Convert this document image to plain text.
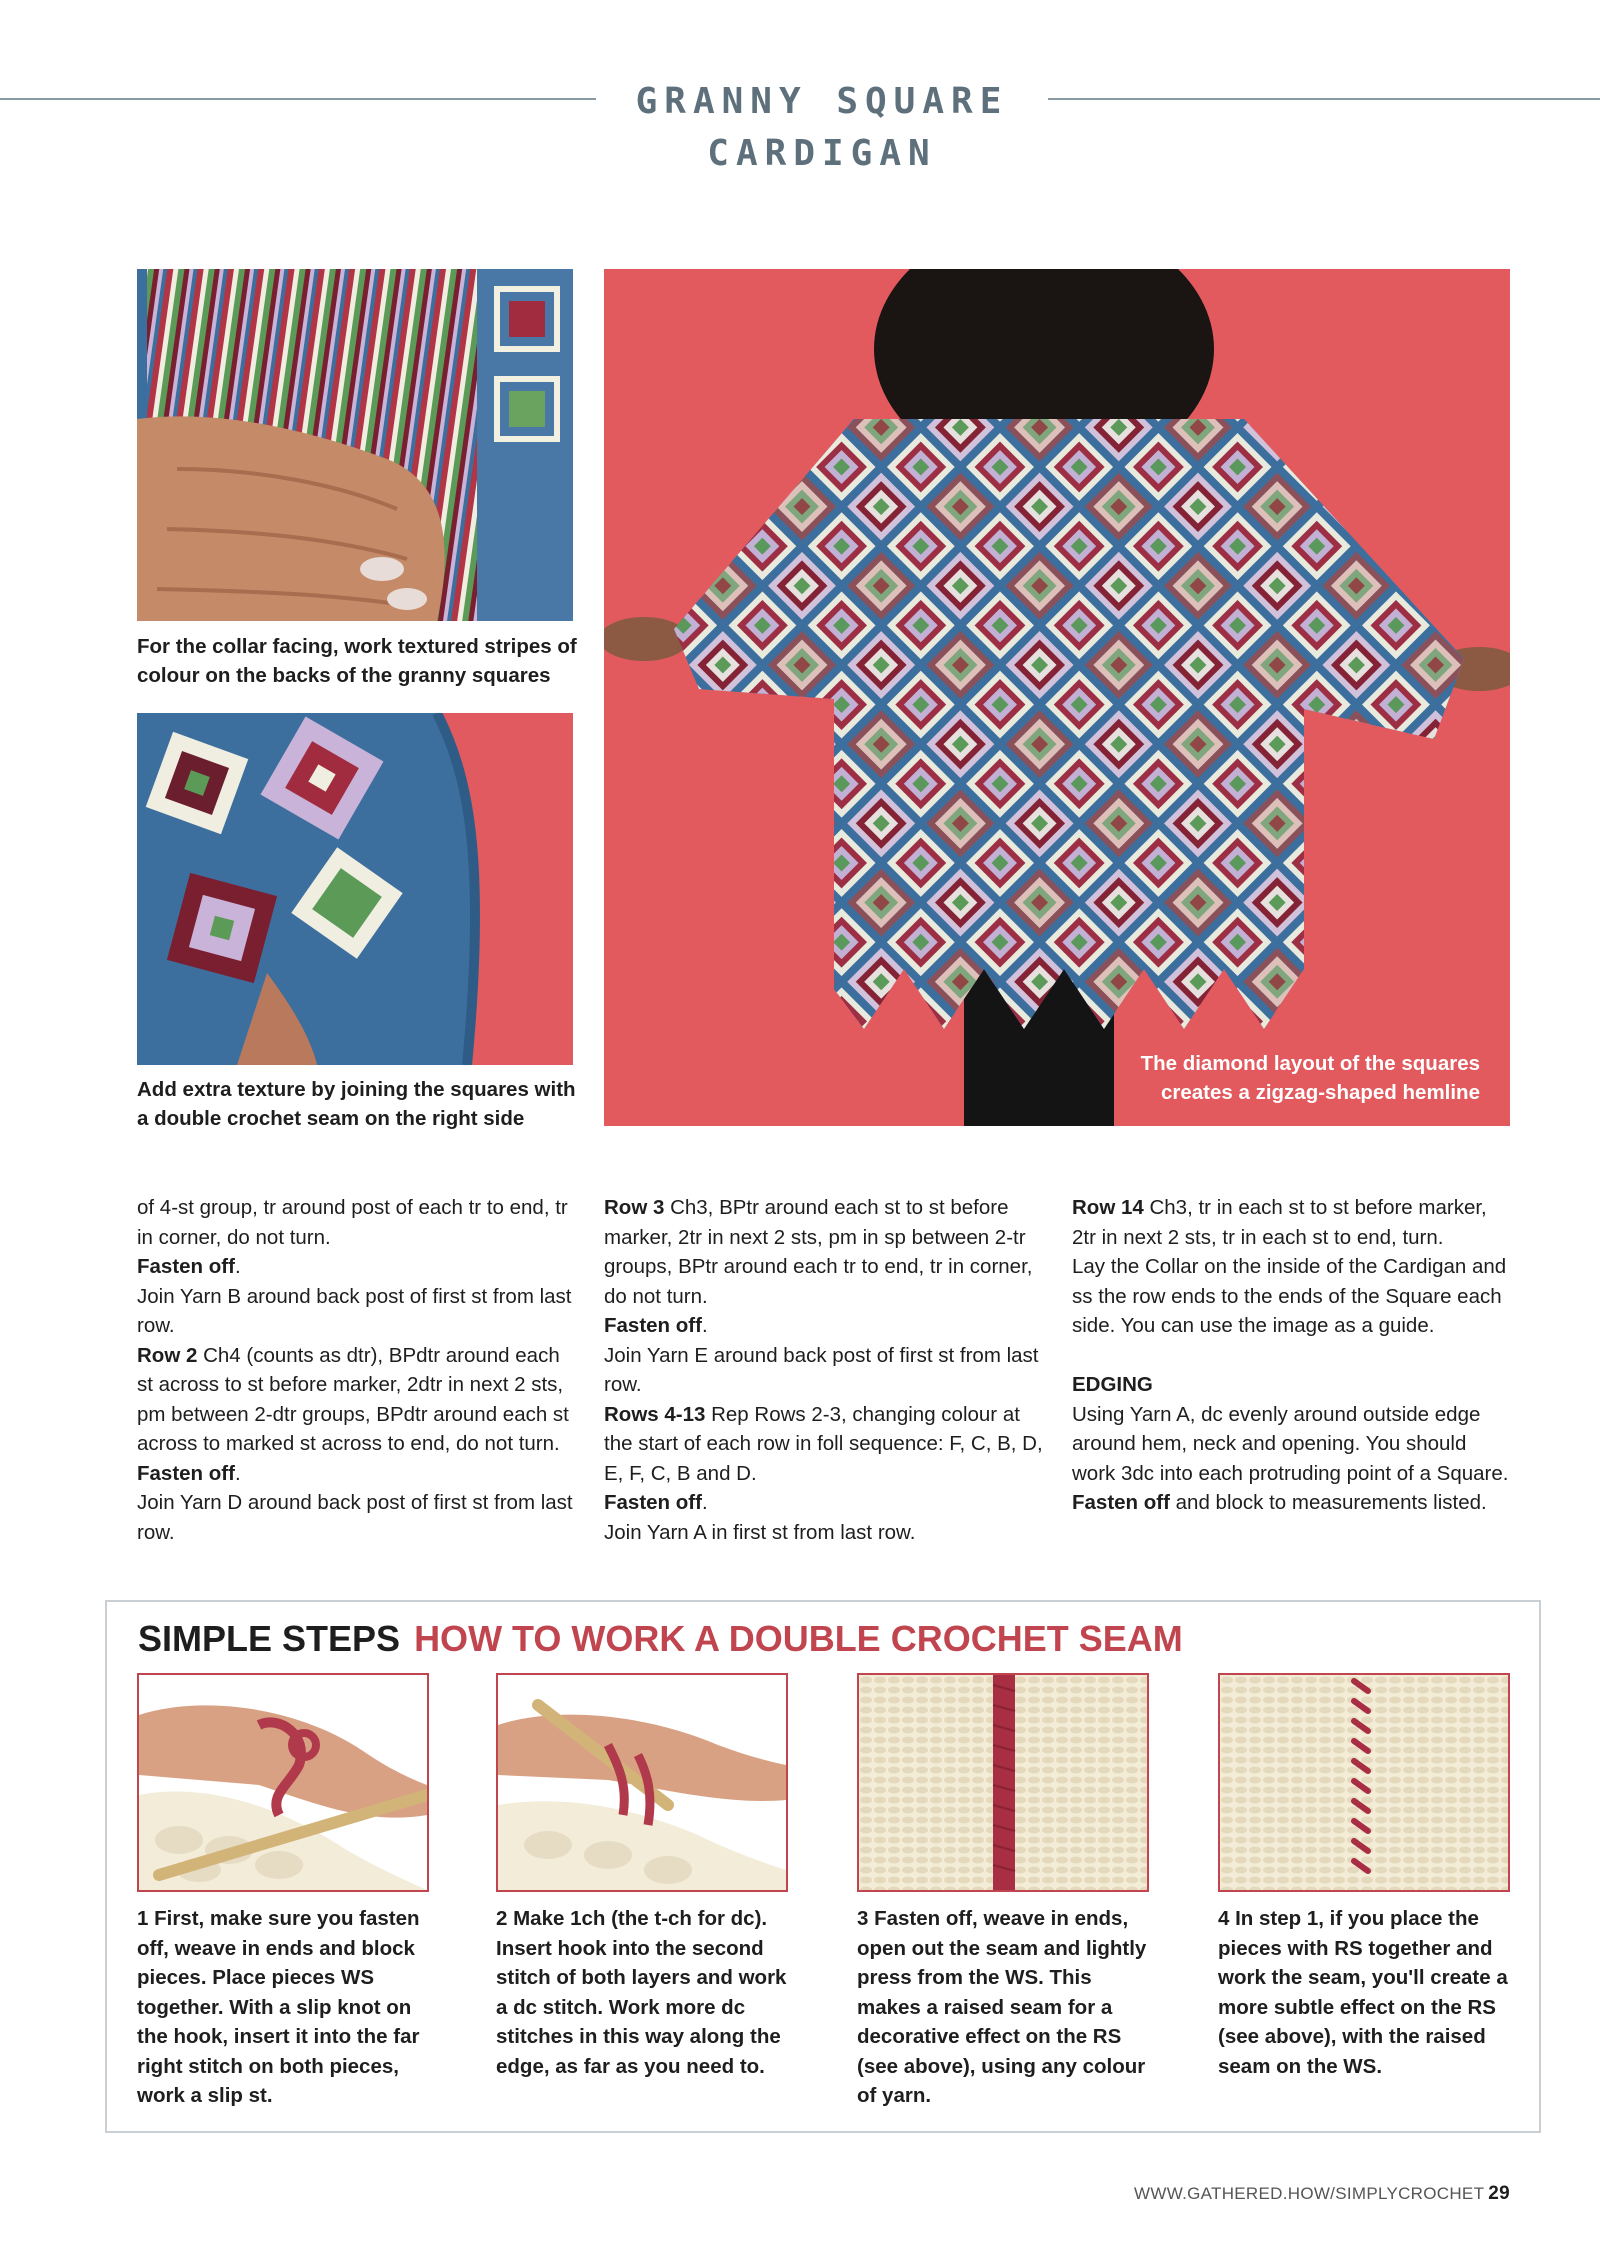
GRANNY SQUARE CARDIGAN
For the collar facing, work textured stripes of colour on the backs of the granny squares
Add extra texture by joining the squares with a double crochet seam on the right side
The diamond layout of the squares
creates a zigzag-shaped hemline

of 4-st group, tr around post of each tr to end, tr in corner, do not turn.

Fasten off.

Join Yarn B around back post of first st from last row.

Row 2 Ch4 (counts as dtr), BPdtr around each st across to st before marker, 2dtr in next 2 sts, pm between 2-dtr groups, BPdtr around each st across to marked st across to end, do not turn.

Fasten off.

Join Yarn D around back post of first st from last row.

Row 3 Ch3, BPtr around each st to st before marker, 2tr in next 2 sts, pm in sp between 2-tr groups, BPtr around each tr to end, tr in corner, do not turn.

Fasten off.

Join Yarn E around back post of first st from last row.

Rows 4-13 Rep Rows 2-3, changing colour at the start of each row in foll sequence: F, C, B, D, E, F, C, B and D.

Fasten off.

Join Yarn A in first st from last row.

Row 14 Ch3, tr in each st to st before marker, 2tr in next 2 sts, tr in each st to end, turn.

Lay the Collar on the inside of the Cardigan and ss the row ends to the ends of the Square each side. You can use the image as a guide.

EDGING

Using Yarn A, dc evenly around outside edge around hem, neck and opening. You should work 3dc into each protruding point of a Square.

Fasten off and block to measurements listed.

SIMPLE STEPS HOW TO WORK A DOUBLE CROCHET SEAM
1 First, make sure you fasten off, weave in ends and block pieces. Place pieces WS together. With a slip knot on the hook, insert it into the far right stitch on both pieces, work a slip st.
2 Make 1ch (the t-ch for dc). Insert hook into the second stitch of both layers and work a dc stitch. Work more dc stitches in this way along the edge, as far as you need to.
3 Fasten off, weave in ends, open out the seam and lightly press from the WS. This makes a raised seam for a decorative effect on the RS (see above), using any colour of yarn.
4 In step 1, if you place the pieces with RS together and work the seam, you'll create a more subtle effect on the RS (see above), with the raised seam on the WS.
WWW.GATHERED.HOW/SIMPLYCROCHET 29
